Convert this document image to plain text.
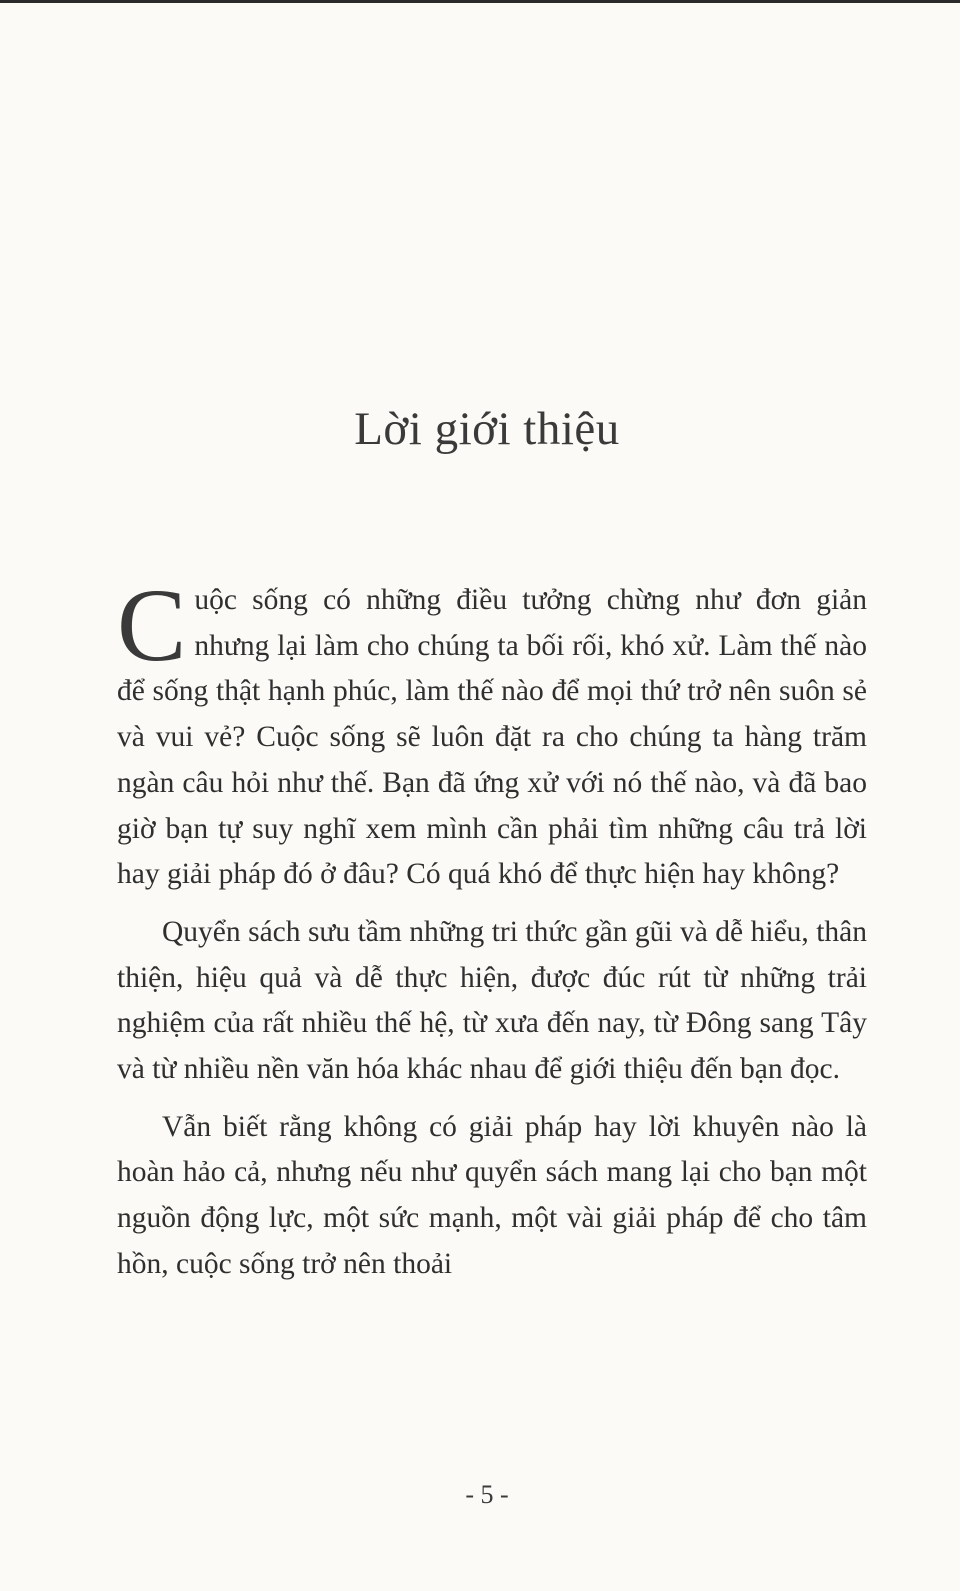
Lời giới thiệu

Cuộc sống có những điều tưởng chừng như đơn giản nhưng lại làm cho chúng ta bối rối, khó xử. Làm thế nào để sống thật hạnh phúc, làm thế nào để mọi thứ trở nên suôn sẻ và vui vẻ? Cuộc sống sẽ luôn đặt ra cho chúng ta hàng trăm ngàn câu hỏi như thế. Bạn đã ứng xử với nó thế nào, và đã bao giờ bạn tự suy nghĩ xem mình cần phải tìm những câu trả lời hay giải pháp đó ở đâu? Có quá khó để thực hiện hay không?

Quyển sách sưu tầm những tri thức gần gũi và dễ hiểu, thân thiện, hiệu quả và dễ thực hiện, được đúc rút từ những trải nghiệm của rất nhiều thế hệ, từ xưa đến nay, từ Đông sang Tây và từ nhiều nền văn hóa khác nhau để giới thiệu đến bạn đọc.

Vẫn biết rằng không có giải pháp hay lời khuyên nào là hoàn hảo cả, nhưng nếu như quyển sách mang lại cho bạn một nguồn động lực, một sức mạnh, một vài giải pháp để cho tâm hồn, cuộc sống trở nên thoải

- 5 -
